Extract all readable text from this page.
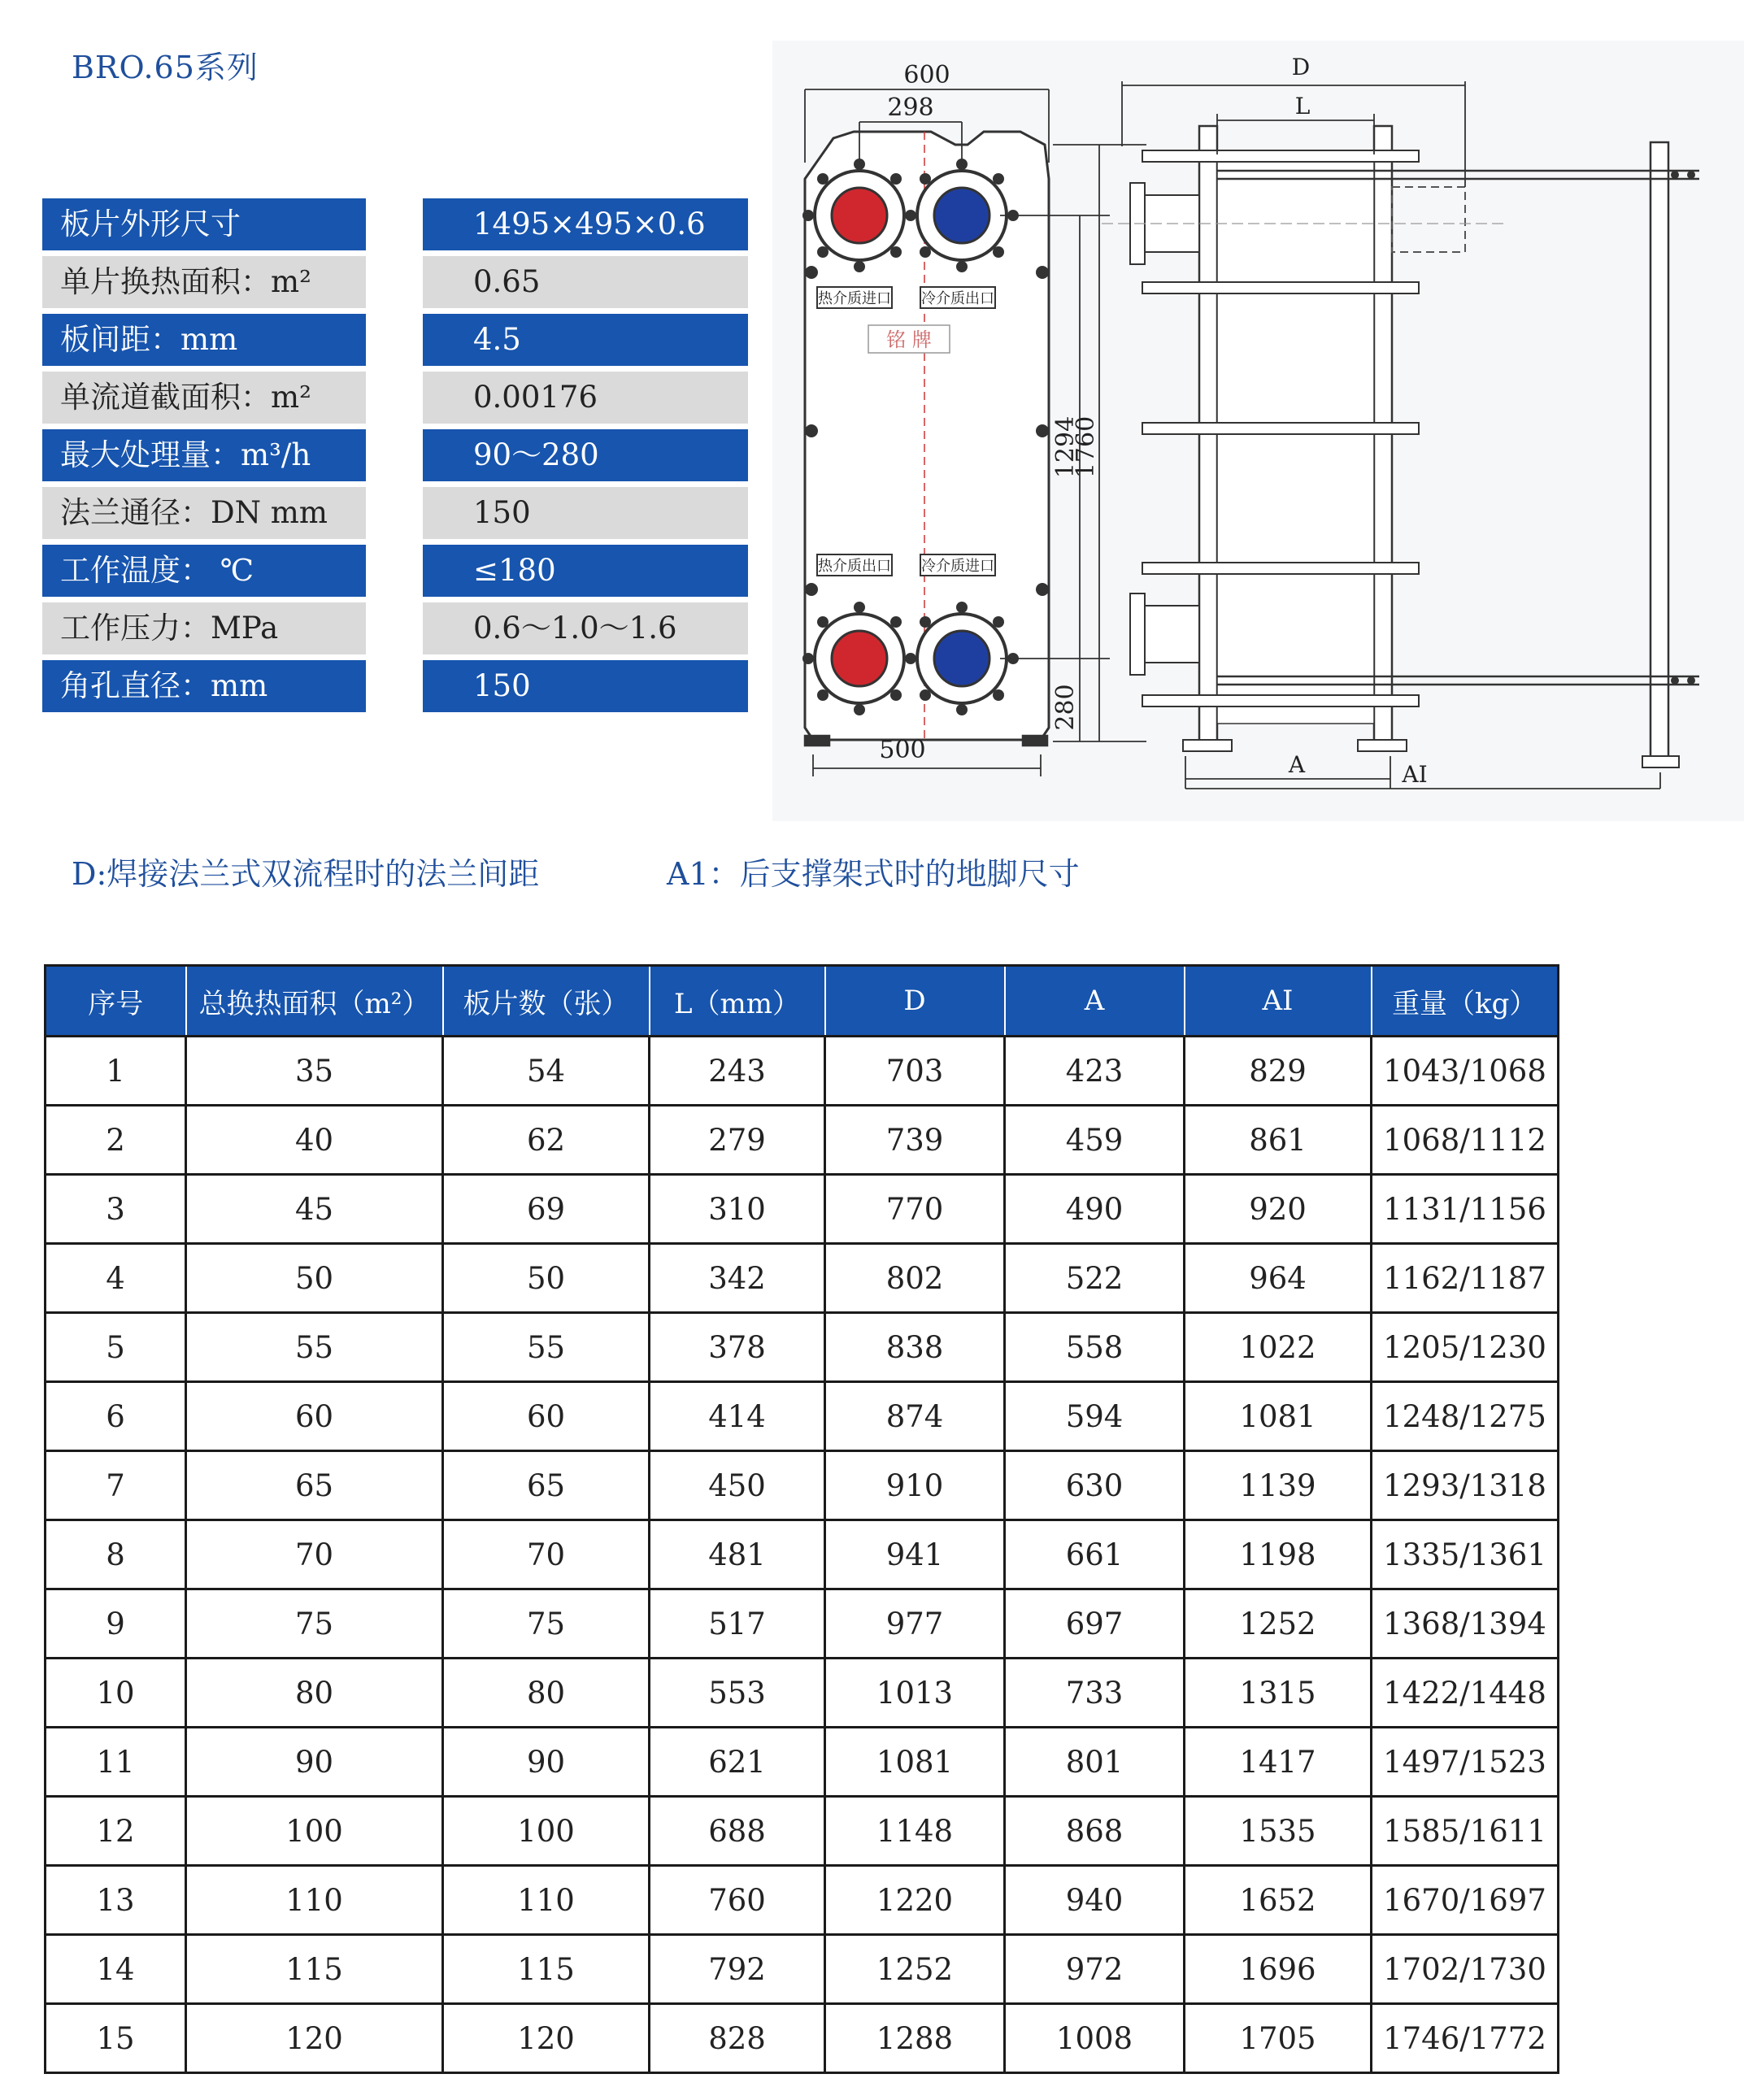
BRO.65系列
板片外形尺寸	1495×495×0.6
单片换热面积：m²	0.65
板间距：mm	4.5
单流道截面积：m²	0.00176
最大处理量：m³/h	90～280
法兰通径：DN mm	150
工作温度： ℃	≤180
工作压力：MPa	0.6～1.0～1.6
角孔直径：mm	150
热介质进口 冷介质出口
热介质出口 冷介质进口
铭 牌
600
298
500
1294
1760
280
D
L
A	AI
D:焊接法兰式双流程时的法兰间距	A1：后支撑架式时的地脚尺寸
序号	总换热面积（m²）	板片数（张）	L（mm）	D	A	AI	重量（kg）
1	35	54	243	703	423	829	1043/1068
2	40	62	279	739	459	861	1068/1112
3	45	69	310	770	490	920	1131/1156
4	50	50	342	802	522	964	1162/1187
5	55	55	378	838	558	1022	1205/1230
6	60	60	414	874	594	1081	1248/1275
7	65	65	450	910	630	1139	1293/1318
8	70	70	481	941	661	1198	1335/1361
9	75	75	517	977	697	1252	1368/1394
10	80	80	553	1013	733	1315	1422/1448
11	90	90	621	1081	801	1417	1497/1523
12	100	100	688	1148	868	1535	1585/1611
13	110	110	760	1220	940	1652	1670/1697
14	115	115	792	1252	972	1696	1702/1730
15	120	120	828	1288	1008	1705	1746/1772
